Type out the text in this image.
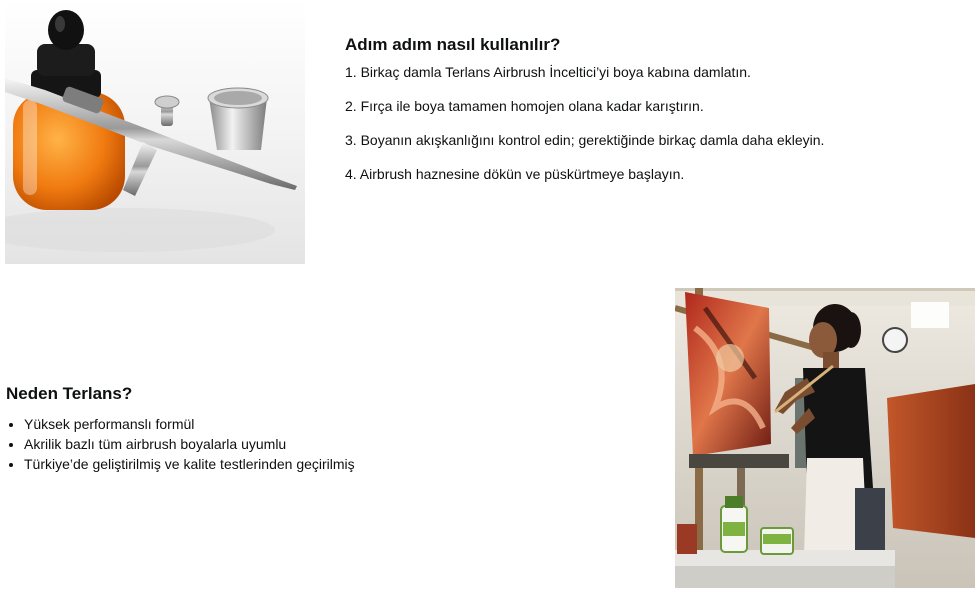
Adım adım nasıl kullanılır?
1. Birkaç damla Terlans Airbrush İnceltici’yi boya kabına damlatın.
2. Fırça ile boya tamamen homojen olana kadar karıştırın.
3. Boyanın akışkanlığını kontrol edin; gerektiğinde birkaç damla daha ekleyin.
4. Airbrush haznesine dökün ve püskürtmeye başlayın.
Neden Terlans?
• Yüksek performanslı formül
• Akrilik bazlı tüm airbrush boyalarla uyumlu
• Türkiye’de geliştirilmiş ve kalite testlerinden geçirilmiş
